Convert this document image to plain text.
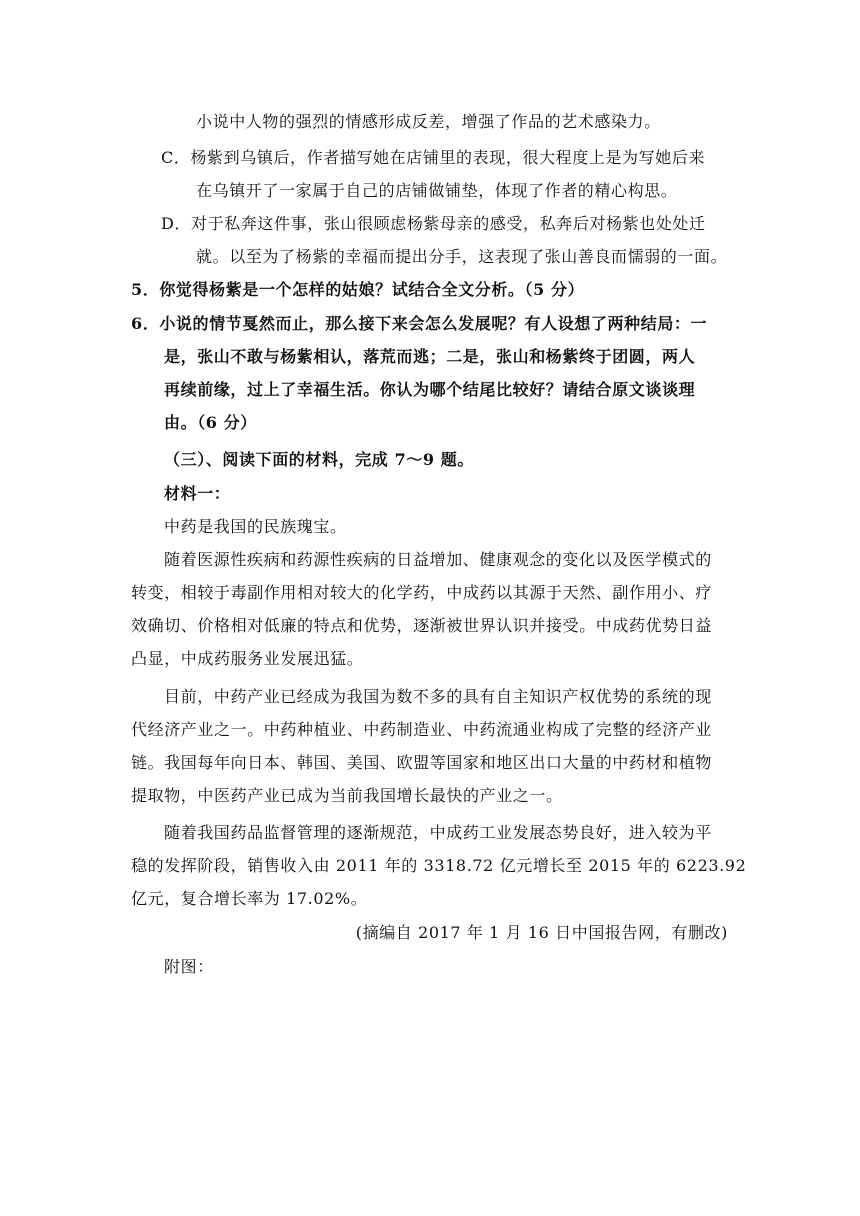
小说中人物的强烈的情感形成反差，增强了作品的艺术感染力。
C．杨紫到乌镇后，作者描写她在店铺里的表现，很大程度上是为写她后来
在乌镇开了一家属于自己的店铺做铺垫，体现了作者的精心构思。
D．对于私奔这件事，张山很顾虑杨紫母亲的感受，私奔后对杨紫也处处迁
就。以至为了杨紫的幸福而提出分手，这表现了张山善良而懦弱的一面。
5．你觉得杨紫是一个怎样的姑娘？试结合全文分析。（5 分）
6．小说的情节戛然而止，那么接下来会怎么发展呢？有人设想了两种结局：一
是，张山不敢与杨紫相认，落荒而逃；二是，张山和杨紫终于团圆，两人
再续前缘，过上了幸福生活。你认为哪个结尾比较好？请结合原文谈谈理
由。（6 分）
（三）、阅读下面的材料，完成 7～9 题。
材料一：
中药是我国的民族瑰宝。
随着医源性疾病和药源性疾病的日益增加、健康观念的变化以及医学模式的
转变，相较于毒副作用相对较大的化学药，中成药以其源于天然、副作用小、疗
效确切、价格相对低廉的特点和优势，逐渐被世界认识并接受。中成药优势日益
凸显，中成药服务业发展迅猛。
目前，中药产业已经成为我国为数不多的具有自主知识产权优势的系统的现
代经济产业之一。中药种植业、中药制造业、中药流通业构成了完整的经济产业
链。我国每年向日本、韩国、美国、欧盟等国家和地区出口大量的中药材和植物
提取物，中医药产业已成为当前我国增长最快的产业之一。
随着我国药品监督管理的逐渐规范，中成药工业发展态势良好，进入较为平
稳的发挥阶段，销售收入由 2011 年的 3318.72 亿元增长至 2015 年的 6223.92
亿元，复合增长率为 17.02%。
(摘编自 2017 年 1 月 16 日中国报告网，有删改)
附图：
